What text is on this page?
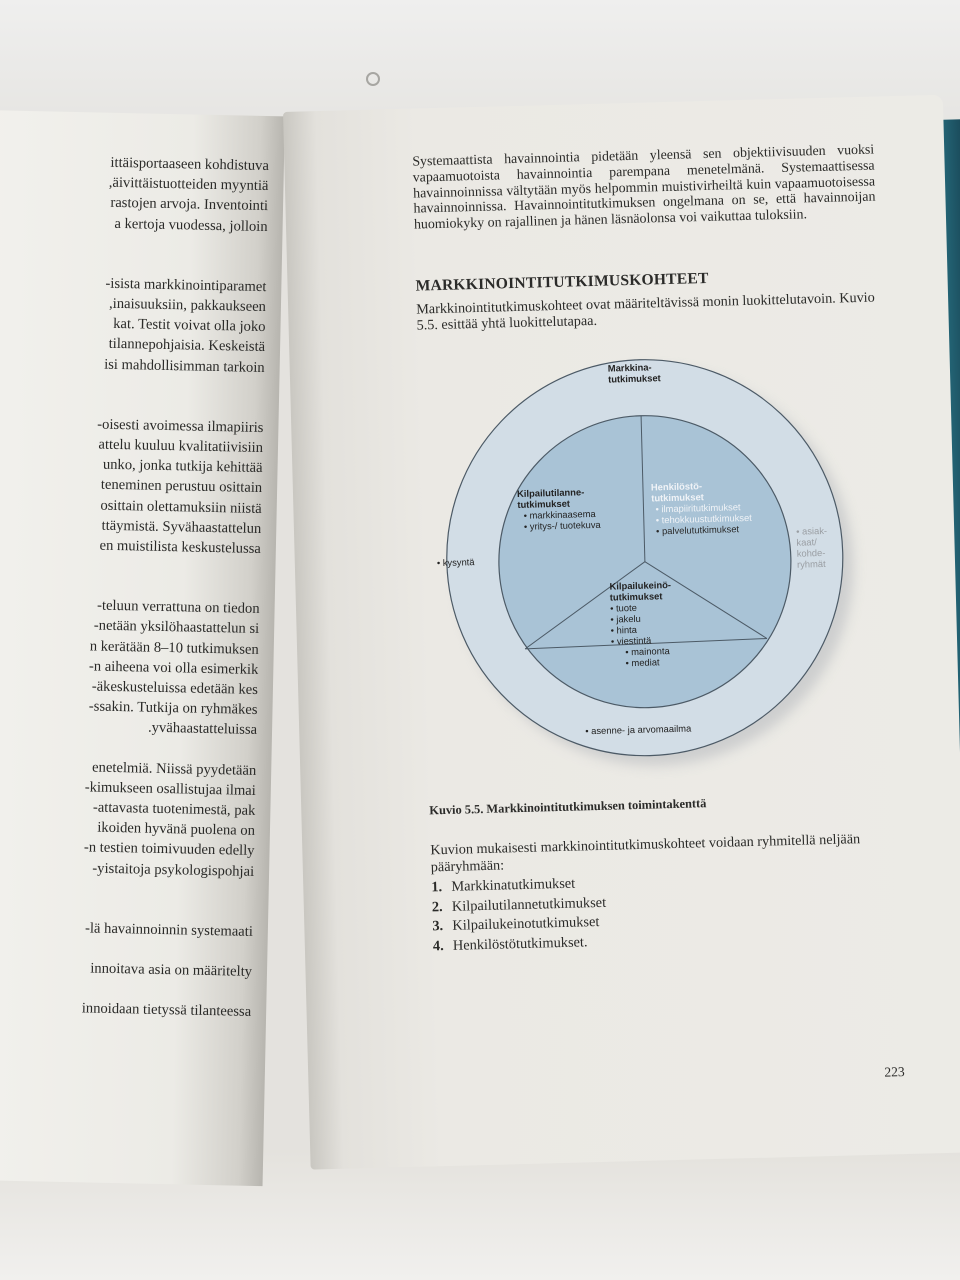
ittäisportaaseen kohdistuva
äivittäistuotteiden myyntiä,
rastojen arvoja. Inventointi
a kertoja vuodessa, jolloin
isista markkinointiparamet-
inaisuuksiin, pakkaukseen,
kat. Testit voivat olla joko
tilannepohjaisia. Keskeistä
isi mahdollisimman tarkoin
oisesti avoimessa ilmapiiris-
attelu kuuluu kvalitatiivisiin
unko, jonka tutkija kehittää
teneminen perustuu osittain
osittain olettamuksiin niistä
ttäymistä. Syvähaastattelun
en muistilista keskustelussa
teluun verrattuna on tiedon-
netään yksilöhaastattelun si-
n kerätään 8–10 tutkimuksen
n aiheena voi olla esimerkik-
äkeskusteluissa edetään kes-
ssakin. Tutkija on ryhmäkes-
yvähaastatteluissa.
enetelmiä. Niissä pyydetään
kimukseen osallistujaa ilmai-
attavasta tuotenimestä, pak-
ikoiden hyvänä puolena on
n testien toimivuuden edelly-
yistaitoja psykologispohjai-
lä havainnoinnin systemaati-
innoitava asia on määritelty
innoidaan tietyssä tilanteessa

Systemaattista havainnointia pidetään yleensä sen objektiivisuuden vuoksi vapaamuotoista havainnointia parempana menetelmänä. Systemaattisessa havainnoinnissa vältytään myös helpommin muistivirheiltä kuin vapaamuotoisessa havainnoinnissa. Havainnointitutkimuksen ongelmana on se, että havainnoijan huomiokyky on rajallinen ja hänen läsnäolonsa voi vaikuttaa tuloksiin.

MARKKINOINTITUTKIMUSKOHTEET

Markkinointitutkimuskohteet ovat määriteltävissä monin luokittelutavoin. Kuvio 5.5. esittää yhtä luokittelutapaa.

Markkina-
tutkimukset
Kilpailutilanne-
tutkimukset
• markkinaasema
• yritys-/ tuotekuva
Henkilöstö-
tutkimukset
• ilmapiiritutkimukset
• tehokkuustutkimukset
• palvelututkimukset
Kilpailukeinö-
tutkimukset
• tuote
• jakelu
• hinta
• viestintä
• mainonta
• mediat
• kysyntä
• asiak-
kaat/
kohde-
ryhmät
• asenne- ja arvomaailma
Kuvio 5.5. Markkinointitutkimuksen toimintakenttä

Kuvion mukaisesti markkinointitutkimuskohteet voidaan ryhmitellä neljään pääryhmään:

1. Markkinatutkimukset
2. Kilpailutilannetutkimukset
3. Kilpailukeinotutkimukset
4. Henkilöstötutkimukset.
223
